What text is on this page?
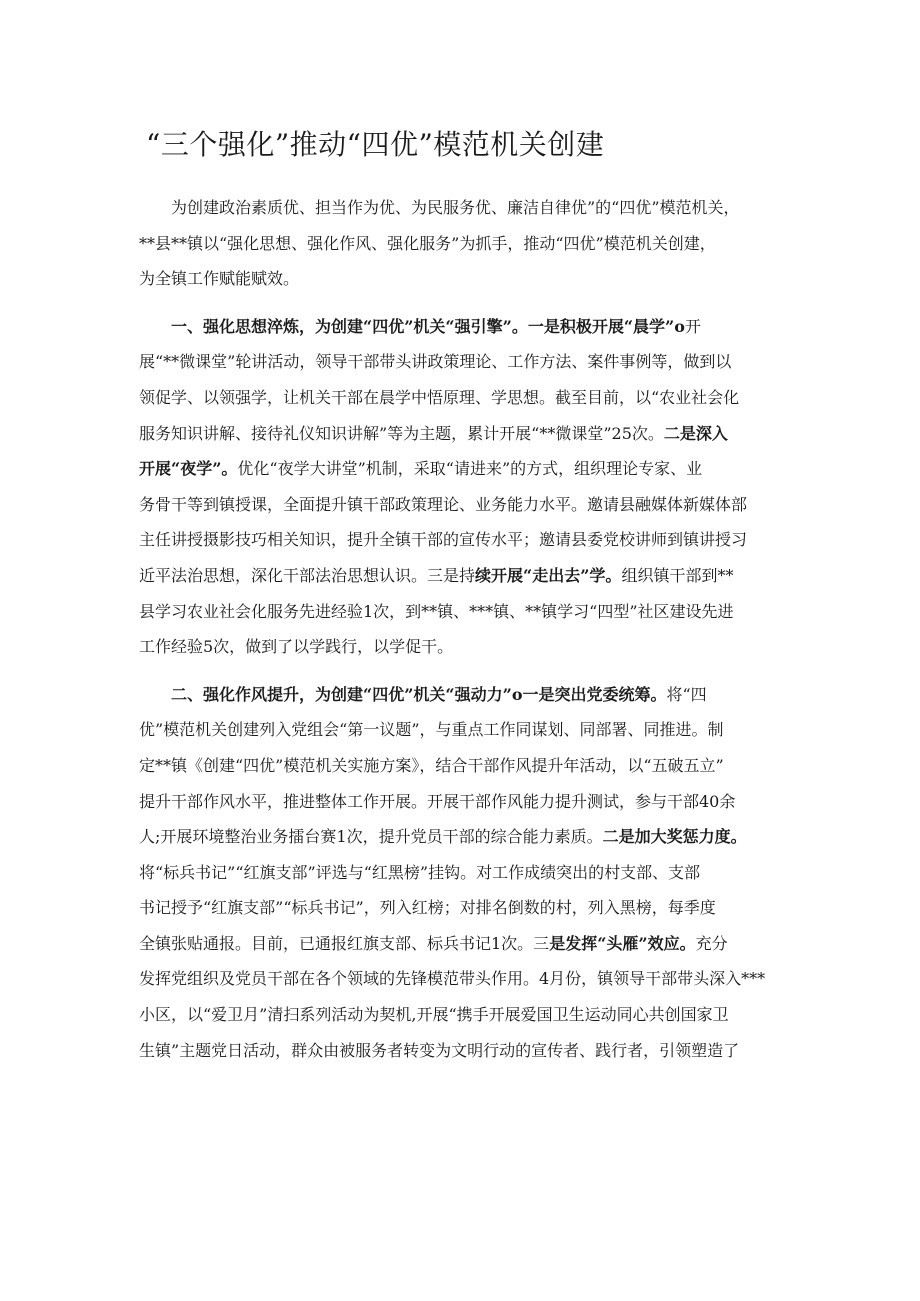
“三个强化”推动“四优”模范机关创建

为创建政治素质优、担当作为优、为民服务优、廉洁自律优”的“四优”模范机关，
**县**镇以“强化思想、强化作风、强化服务”为抓手，推动“四优”模范机关创建，
为全镇工作赋能赋效。

一、强化思想淬炼，为创建“四优”机关“强引擎”。一是积极开展“晨学”o开
展“**微课堂”轮讲活动，领导干部带头讲政策理论、工作方法、案件事例等，做到以
领促学、以领强学，让机关干部在晨学中悟原理、学思想。截至目前，以“农业社会化
服务知识讲解、接待礼仪知识讲解”等为主题，累计开展“**微课堂”25次。二是深入
开展“夜学”。优化“夜学大讲堂”机制，采取“请进来”的方式，组织理论专家、业
务骨干等到镇授课，全面提升镇干部政策理论、业务能力水平。邀请县融媒体新媒体部
主任讲授摄影技巧相关知识，提升全镇干部的宣传水平；邀请县委党校讲师到镇讲授习
近平法治思想，深化干部法治思想认识。三是持续开展“走出去”学。组织镇干部到**
县学习农业社会化服务先进经验1次，到**镇、***镇、**镇学习“四型”社区建设先进
工作经验5次，做到了以学践行，以学促干。

二、强化作风提升，为创建“四优”机关“强动力”o一是突出党委统筹。将“四
优”模范机关创建列入党组会“第一议题”，与重点工作同谋划、同部署、同推进。制
定**镇《创建“四优”模范机关实施方案》，结合干部作风提升年活动，以“五破五立”
提升干部作风水平，推进整体工作开展。开展干部作风能力提升测试，参与干部40余
人;开展环境整治业务擂台赛1次，提升党员干部的综合能力素质。二是加大奖惩力度。
将“标兵书记”“红旗支部”评选与“红黑榜”挂钩。对工作成绩突出的村支部、支部
书记授予“红旗支部”“标兵书记”，列入红榜；对排名倒数的村，列入黑榜，每季度
全镇张贴通报。目前，已通报红旗支部、标兵书记1次。三是发挥“头雁”效应。充分
发挥党组织及党员干部在各个领域的先锋模范带头作用。4月份，镇领导干部带头深入***
小区，以“爱卫月”清扫系列活动为契机,开展“携手开展爱国卫生运动同心共创国家卫
生镇”主题党日活动，群众由被服务者转变为文明行动的宣传者、践行者，引领塑造了
